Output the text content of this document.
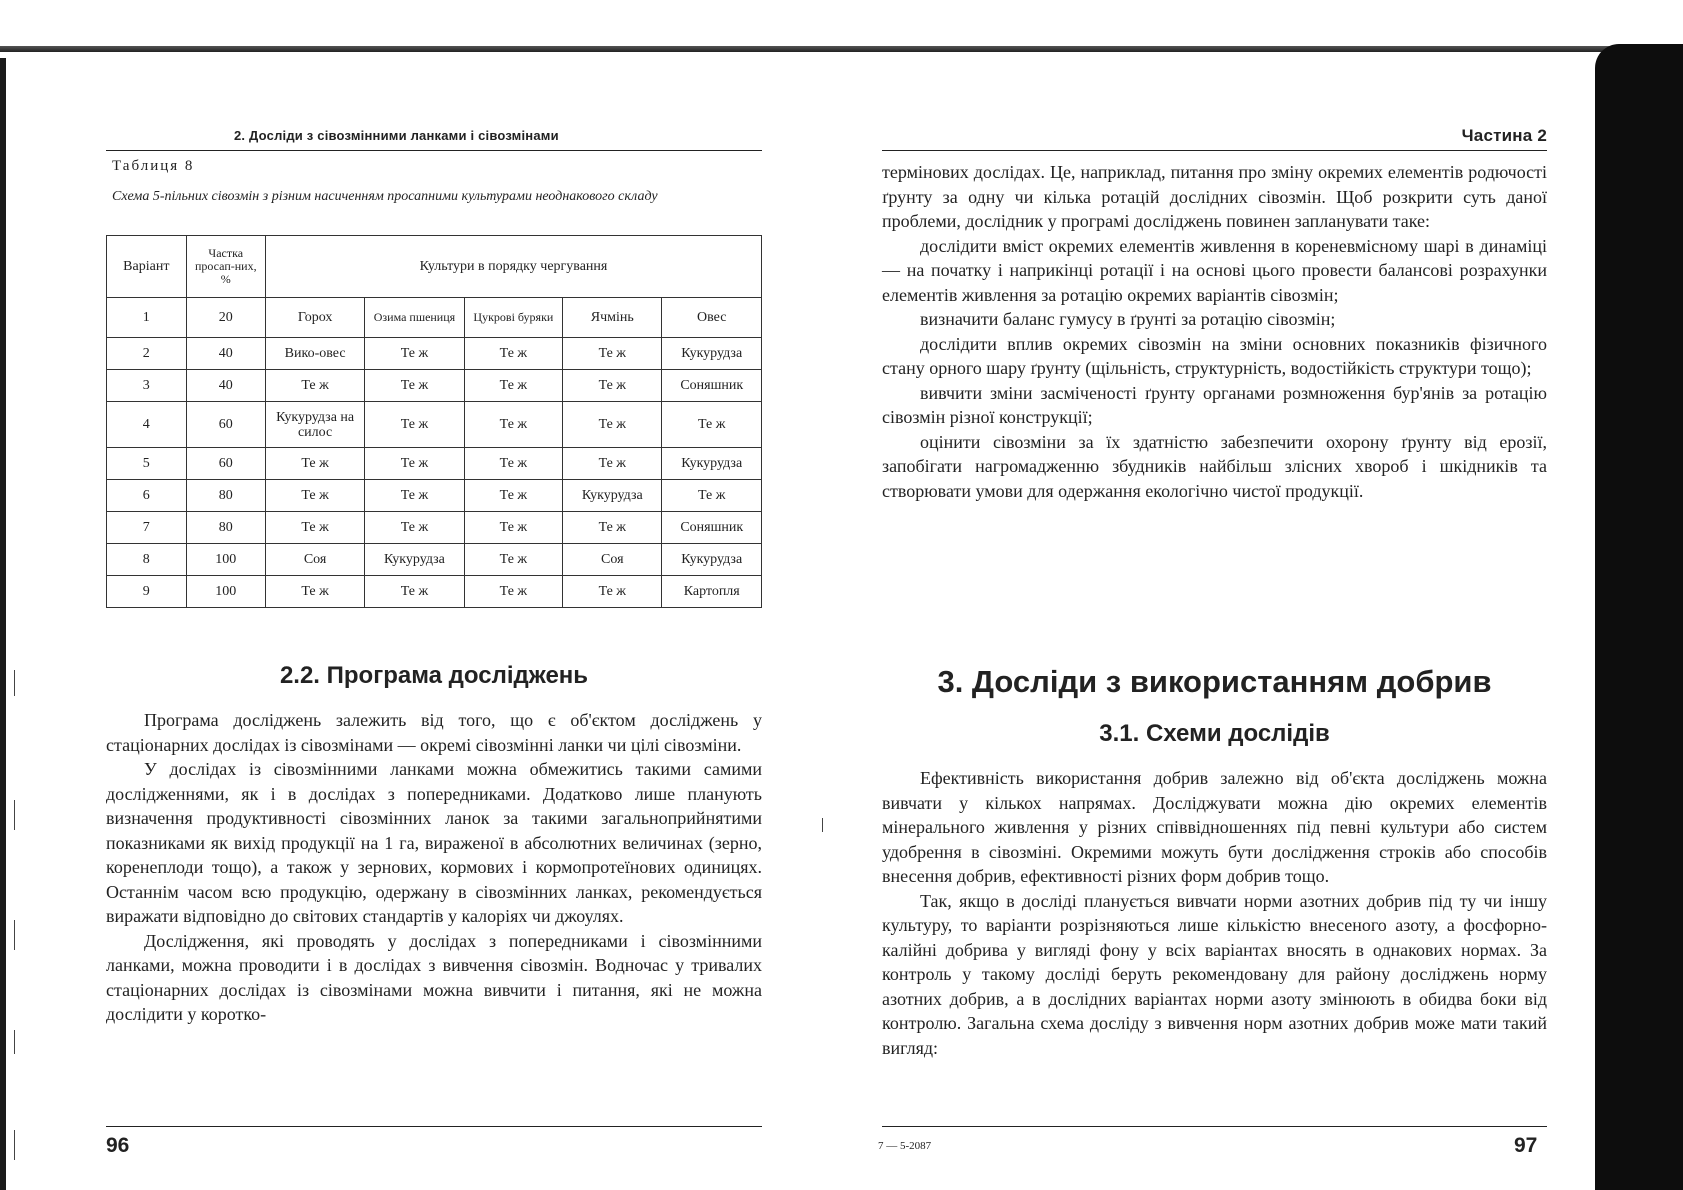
2. Досліди з сівозмінними ланками і сівозмінами
Таблиця 8
Схема 5-пільних сівозмін з різним насиченням просапними культурами неоднакового складу
Варіант	Частка просап-них, %	Культури в порядку чергування				
1	20	Горох	Озима пшениця	Цукрові буряки	Ячмінь	Овес
2	40	Вико-овес	Те ж	Те ж	Те ж	Кукурудза
3	40	Те ж	Те ж	Те ж	Те ж	Соняшник
4	60	Кукурудза на силос	Те ж	Те ж	Те ж	Те ж
5	60	Те ж	Те ж	Те ж	Те ж	Кукурудза
6	80	Те ж	Те ж	Те ж	Кукурудза	Те ж
7	80	Те ж	Те ж	Те ж	Те ж	Соняшник
8	100	Соя	Кукурудза	Те ж	Соя	Кукурудза
9	100	Те ж	Те ж	Те ж	Те ж	Картопля
2.2. Програма досліджень

Програма досліджень залежить від того, що є об'єктом досліджень у стаціонарних дослідах із сівозмінами — окремі сівозмінні ланки чи цілі сівозміни.

У дослідах із сівозмінними ланками можна обмежитись такими самими дослідженнями, як і в дослідах з попередниками. Додатково лише планують визначення продуктивності сівозмінних ланок за такими загальноприйнятими показниками як вихід продукції на 1 га, вираженої в абсолютних величинах (зерно, коренеплоди тощо), а також у зернових, кормових і кормопротеїнових одиницях. Останнім часом всю продукцію, одержану в сівозмінних ланках, рекомендується виражати відповідно до світових стандартів у калоріях чи джоулях.

Дослідження, які проводять у дослідах з попередниками і сівозмінними ланками, можна проводити і в дослідах з вивчення сівозмін. Водночас у тривалих стаціонарних дослідах із сівозмінами можна вивчити і питання, які не можна дослідити у коротко-

96
Частина 2

термінових дослідах. Це, наприклад, питання про зміну окремих елементів родючості ґрунту за одну чи кілька ротацій дослідних сівозмін. Щоб розкрити суть даної проблеми, дослідник у програмі досліджень повинен запланувати таке:

дослідити вміст окремих елементів живлення в кореневмісному шарі в динаміці — на початку і наприкінці ротації і на основі цього провести балансові розрахунки елементів живлення за ротацію окремих варіантів сівозмін;

визначити баланс гумусу в ґрунті за ротацію сівозмін;

дослідити вплив окремих сівозмін на зміни основних показників фізичного стану орного шару ґрунту (щільність, структурність, водостійкість структури тощо);

вивчити зміни засміченості ґрунту органами розмноження бур'янів за ротацію сівозмін різної конструкції;

оцінити сівозміни за їх здатністю забезпечити охорону ґрунту від ерозії, запобігати нагромадженню збудників найбільш злісних хвороб і шкідників та створювати умови для одержання екологічно чистої продукції.

3. Досліди з використанням добрив
3.1. Схеми дослідів

Ефективність використання добрив залежно від об'єкта досліджень можна вивчати у кількох напрямах. Досліджувати можна дію окремих елементів мінерального живлення у різних співвідношеннях під певні культури або систем удобрення в сівозміні. Окремими можуть бути дослідження строків або способів внесення добрив, ефективності різних форм добрив тощо.

Так, якщо в досліді планується вивчати норми азотних добрив під ту чи іншу культуру, то варіанти розрізняються лише кількістю внесеного азоту, а фосфорно-калійні добрива у вигляді фону у всіх варіантах вносять в однакових нормах. За контроль у такому досліді беруть рекомендовану для району досліджень норму азотних добрив, а в дослідних варіантах норми азоту змінюють в обидва боки від контролю. Загальна схема досліду з вивчення норм азотних добрив може мати такий вигляд:

7 — 5-2087	97
